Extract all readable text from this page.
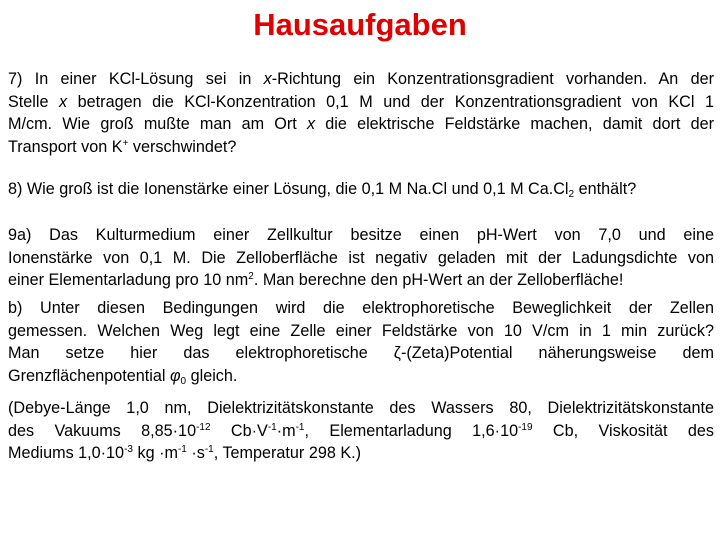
Hausaufgaben
7) In einer KCl-Lösung sei in x-Richtung ein Konzentrationsgradient vorhanden. An der
Stelle x betragen die KCl-Konzentration 0,1 M und der Konzentrationsgradient von KCl 1
M/cm. Wie groß mußte man am Ort x die elektrische Feldstärke machen, damit dort der
Transport von K+ verschwindet?
8) Wie groß ist die Ionenstärke einer Lösung, die 0,1 M Na.Cl und 0,1 M $Ca.Cl_2$ enthält?
9a) Das Kulturmedium einer Zellkultur besitze einen pH-Wert von 7,0 und eine
Ionenstärke von 0,1 M. Die Zelloberfläche ist negativ geladen mit der Ladungsdichte von
einer Elementarladung pro 10 $nm^2$. Man berechne den pH-Wert an der Zelloberfläche!
b) Unter diesen Bedingungen wird die elektrophoretische Beweglichkeit der Zellen
gemessen. Welchen Weg legt eine Zelle einer Feldstärke von 10 V/cm in 1 min zurück?
Man setze hier das elektrophoretische ζ-(Zeta)Potential näherungsweise dem
Grenzflächenpotential $\varphi_0$ gleich.
(Debye-Länge 1,0 nm, Dielektrizitätskonstante des Wassers 80, Dielektrizitätskonstante
des Vakuums $8,85\cdot 10^{-12}$ $Cb\cdot V^{-1}\cdot m^{-1}$, Elementarladung $1,6\cdot 10^{-19}$ Cb, Viskosität des
Mediums $1,0\cdot 10^{-3}$ kg $\cdot m^{-1} \cdot s^{-1}$, Temperatur 298 K.)
